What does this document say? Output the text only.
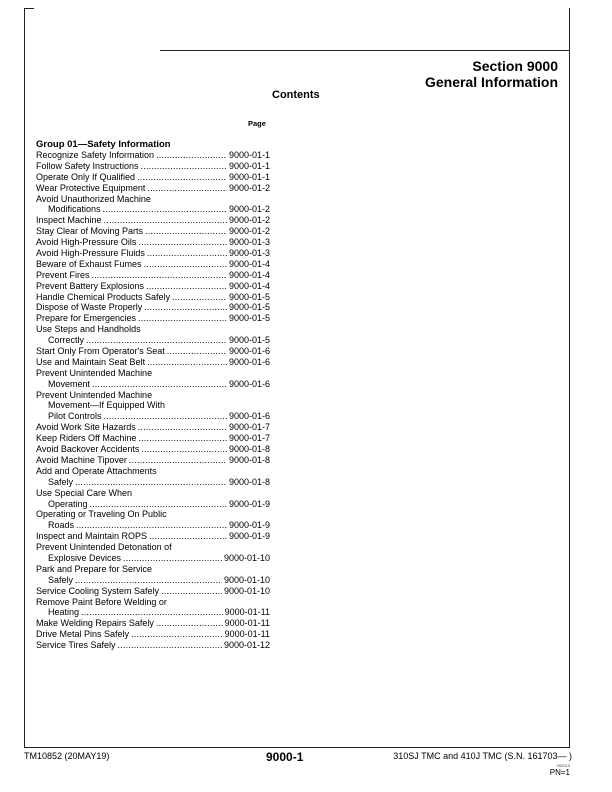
Section 9000
General Information
Contents
Page
Group 01—Safety Information
Recognize Safety Information .....	9000-01-1
Follow Safety Instructions .....	9000-01-1
Operate Only If Qualified .....	9000-01-1
Wear Protective Equipment .....	9000-01-2
Avoid Unauthorized Machine
Modifications .....	9000-01-2
Inspect Machine .....	9000-01-2
Stay Clear of Moving Parts .....	9000-01-2
Avoid High-Pressure Oils .....	9000-01-3
Avoid High-Pressure Fluids .....	9000-01-3
Beware of Exhaust Fumes .....	9000-01-4
Prevent Fires .....	9000-01-4
Prevent Battery Explosions .....	9000-01-4
Handle Chemical Products Safely .....	9000-01-5
Dispose of Waste Properly .....	9000-01-5
Prepare for Emergencies .....	9000-01-5
Use Steps and Handholds
Correctly .....	9000-01-5
Start Only From Operator's Seat .....	9000-01-6
Use and Maintain Seat Belt .....	9000-01-6
Prevent Unintended Machine
Movement .....	9000-01-6
Prevent Unintended Machine
Movement—If Equipped With
Pilot Controls .....	9000-01-6
Avoid Work Site Hazards .....	9000-01-7
Keep Riders Off Machine .....	9000-01-7
Avoid Backover Accidents .....	9000-01-8
Avoid Machine Tipover .....	9000-01-8
Add and Operate Attachments
Safely .....	9000-01-8
Use Special Care When
Operating .....	9000-01-9
Operating or Traveling On Public
Roads .....	9000-01-9
Inspect and Maintain ROPS .....	9000-01-9
Prevent Unintended Detonation of
Explosive Devices .....	9000-01-10
Park and Prepare for Service
Safely .....	9000-01-10
Service Cooling System Safely .....	9000-01-10
Remove Paint Before Welding or
Heating .....	9000-01-11
Make Welding Repairs Safely .....	9000-01-11
Drive Metal Pins Safely .....	9000-01-11
Service Tires Safely .....	9000-01-12
TM10852 (20MAY19)	9000-1	310SJ TMC and 410J TMC (S.N. 161703— )
052019
PN=1
